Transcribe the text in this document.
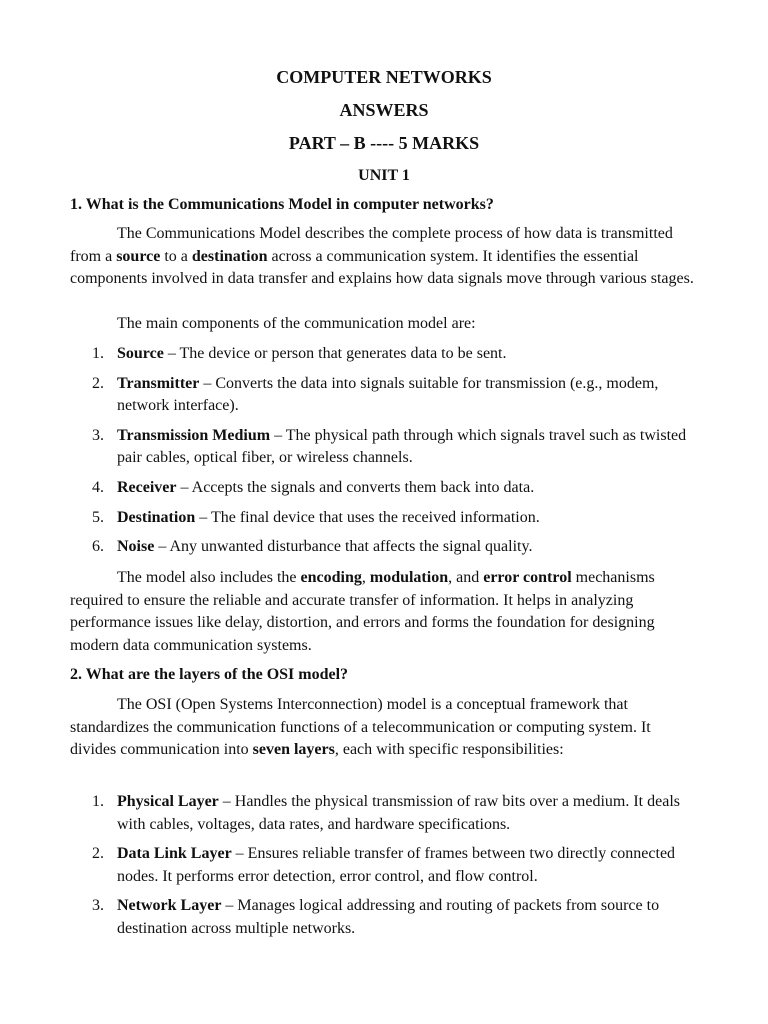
COMPUTER NETWORKS
ANSWERS
PART – B ---- 5 MARKS
UNIT 1
1. What is the Communications Model in computer networks?
The Communications Model describes the complete process of how data is transmitted from a source to a destination across a communication system. It identifies the essential components involved in data transfer and explains how data signals move through various stages.
The main components of the communication model are:
1. Source – The device or person that generates data to be sent.
2. Transmitter – Converts the data into signals suitable for transmission (e.g., modem, network interface).
3. Transmission Medium – The physical path through which signals travel such as twisted pair cables, optical fiber, or wireless channels.
4. Receiver – Accepts the signals and converts them back into data.
5. Destination – The final device that uses the received information.
6. Noise – Any unwanted disturbance that affects the signal quality.
The model also includes the encoding, modulation, and error control mechanisms required to ensure the reliable and accurate transfer of information. It helps in analyzing performance issues like delay, distortion, and errors and forms the foundation for designing modern data communication systems.
2. What are the layers of the OSI model?
The OSI (Open Systems Interconnection) model is a conceptual framework that standardizes the communication functions of a telecommunication or computing system. It divides communication into seven layers, each with specific responsibilities:
1. Physical Layer – Handles the physical transmission of raw bits over a medium. It deals with cables, voltages, data rates, and hardware specifications.
2. Data Link Layer – Ensures reliable transfer of frames between two directly connected nodes. It performs error detection, error control, and flow control.
3. Network Layer – Manages logical addressing and routing of packets from source to destination across multiple networks.
